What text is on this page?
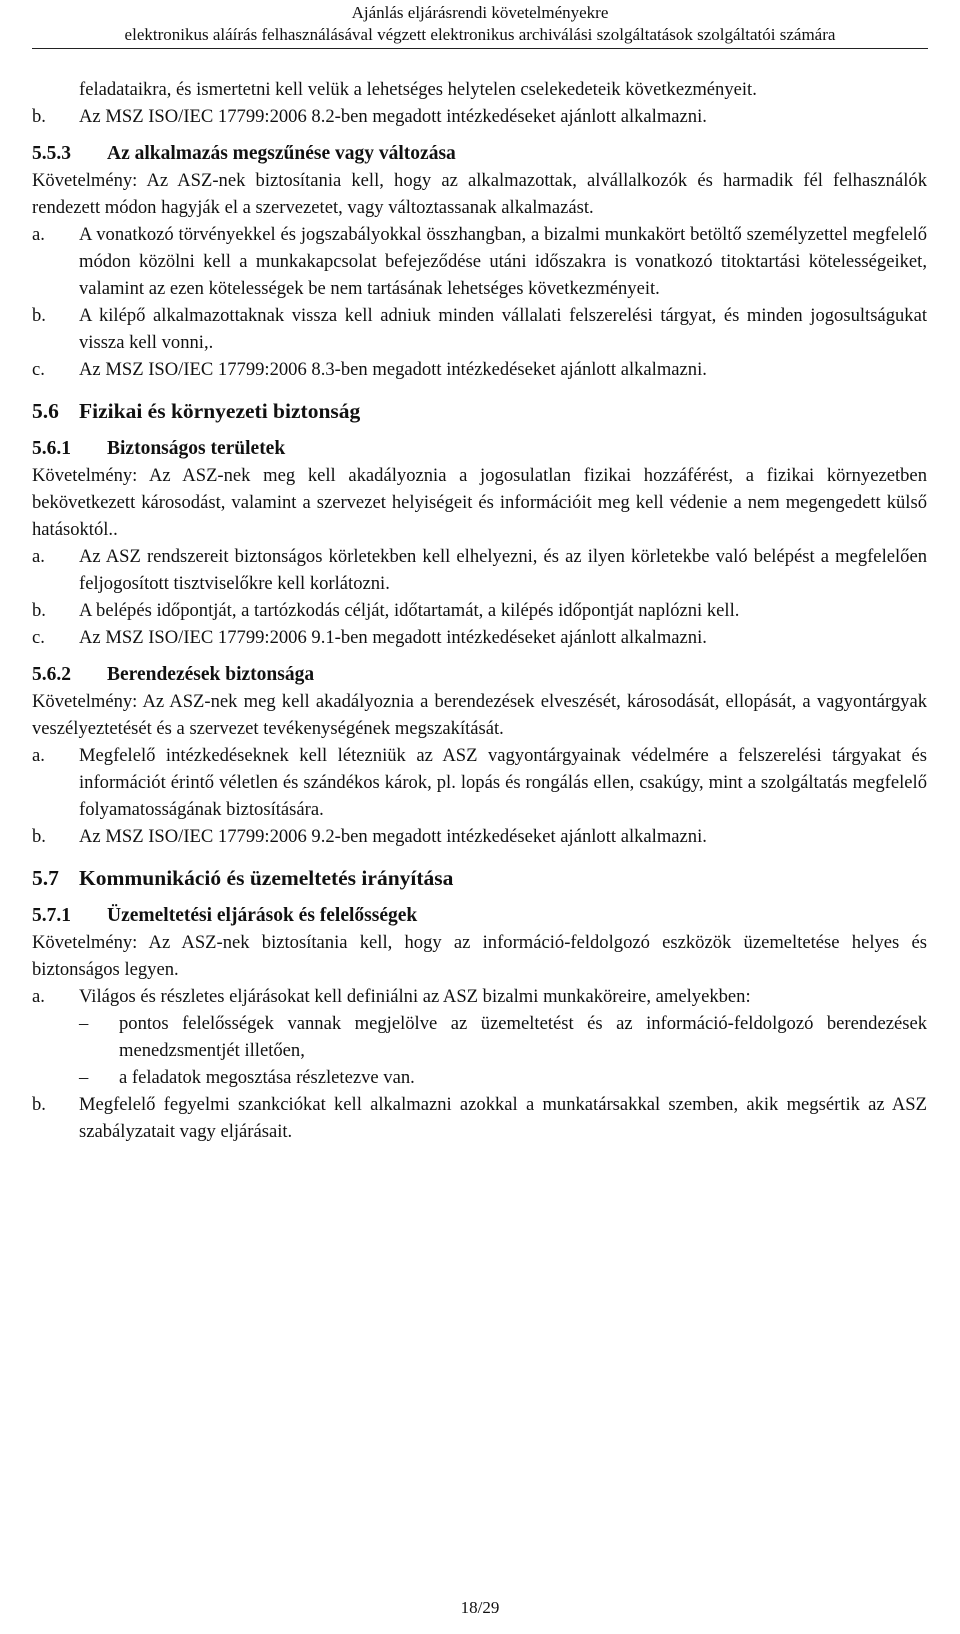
Ajánlás eljárásrendi követelményekre
elektronikus aláírás felhasználásával végzett elektronikus archiválási szolgáltatások szolgáltatói számára
feladataikra, és ismertetni kell velük a lehetséges helytelen cselekedeteik következményeit.
b.	Az MSZ ISO/IEC 17799:2006 8.2-ben megadott intézkedéseket ajánlott alkalmazni.
5.5.3	Az alkalmazás megszűnése vagy változása

Követelmény: Az ASZ-nek biztosítania kell, hogy az alkalmazottak, alvállalkozók és harmadik fél felhasználók rendezett módon hagyják el a szervezetet, vagy változtassanak alkalmazást.

a.	A vonatkozó törvényekkel és jogszabályokkal összhangban, a bizalmi munkakört betöltő személyzettel megfelelő módon közölni kell a munkakapcsolat befejeződése utáni időszakra is vonatkozó titoktartási kötelességeiket, valamint az ezen kötelességek be nem tartásának lehetséges következményeit.
b.	A kilépő alkalmazottaknak vissza kell adniuk minden vállalati felszerelési tárgyat, és minden jogosultságukat vissza kell vonni,.
c.	Az MSZ ISO/IEC 17799:2006 8.3-ben megadott intézkedéseket ajánlott alkalmazni.
5.6 Fizikai és környezeti biztonság
5.6.1	Biztonságos területek

Követelmény: Az ASZ-nek meg kell akadályoznia a jogosulatlan fizikai hozzáférést, a fizikai környezetben bekövetkezett károsodást, valamint a szervezet helyiségeit és információit meg kell védenie a nem megengedett külső hatásoktól..

a.	Az ASZ rendszereit biztonságos körletekben kell elhelyezni, és az ilyen körletekbe való belépést a megfelelően feljogosított tisztviselőkre kell korlátozni.
b.	A belépés időpontját, a tartózkodás célját, időtartamát, a kilépés időpontját naplózni kell.
c.	Az MSZ ISO/IEC 17799:2006 9.1-ben megadott intézkedéseket ajánlott alkalmazni.
5.6.2	Berendezések biztonsága

Követelmény: Az ASZ-nek meg kell akadályoznia a berendezések elveszését, károsodását, ellopását, a vagyontárgyak veszélyeztetését és a szervezet tevékenységének megszakítását.

a.	Megfelelő intézkedéseknek kell létezniük az ASZ vagyontárgyainak védelmére a felszerelési tárgyakat és információt érintő véletlen és szándékos károk, pl. lopás és rongálás ellen, csakúgy, mint a szolgáltatás megfelelő folyamatosságának biztosítására.
b.	Az MSZ ISO/IEC 17799:2006 9.2-ben megadott intézkedéseket ajánlott alkalmazni.
5.7 Kommunikáció és üzemeltetés irányítása
5.7.1	Üzemeltetési eljárások és felelősségek

Követelmény: Az ASZ-nek biztosítania kell, hogy az információ-feldolgozó eszközök üzemeltetése helyes és biztonságos legyen.

a.	Világos és részletes eljárásokat kell definiálni az ASZ bizalmi munkaköreire, amelyekben:
–	pontos felelősségek vannak megjelölve az üzemeltetést és az információ-feldolgozó berendezések menedzsmentjét illetően,
–	a feladatok megosztása részletezve van.
b.	Megfelelő fegyelmi szankciókat kell alkalmazni azokkal a munkatársakkal szemben, akik megsértik az ASZ szabályzatait vagy eljárásait.
18/29
